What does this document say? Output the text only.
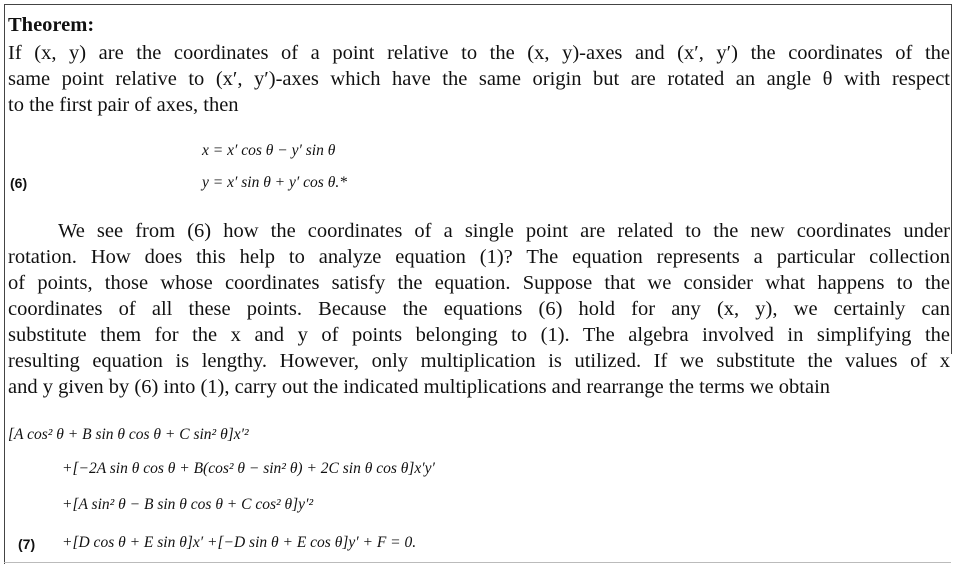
Theorem:
If (x, y) are the coordinates of a point relative to the (x, y)-axes and (x′, y′) the coordinates of the
same point relative to (x′, y′)-axes which have the same origin but are rotated an angle θ with respect
to the first pair of axes, then
x = x′ cos θ − y′ sin θ
(6)	y = x′ sin θ + y′ cos θ.*
We see from (6) how the coordinates of a single point are related to the new coordinates under
rotation. How does this help to analyze equation (1)? The equation represents a particular collection
of points, those whose coordinates satisfy the equation. Suppose that we consider what happens to the
coordinates of all these points. Because the equations (6) hold for any (x, y), we certainly can
substitute them for the x and y of points belonging to (1). The algebra involved in simplifying the
resulting equation is lengthy. However, only multiplication is utilized. If we substitute the values of x
and y given by (6) into (1), carry out the indicated multiplications and rearrange the terms we obtain
[A cos² θ + B sin θ cos θ + C sin² θ]x′²
+[−2A sin θ cos θ + B(cos² θ − sin² θ) + 2C sin θ cos θ]x′y′
+[A sin² θ − B sin θ cos θ + C cos² θ]y′²
(7) +[D cos θ + E sin θ]x′ +[−D sin θ + E cos θ]y′ + F = 0.
